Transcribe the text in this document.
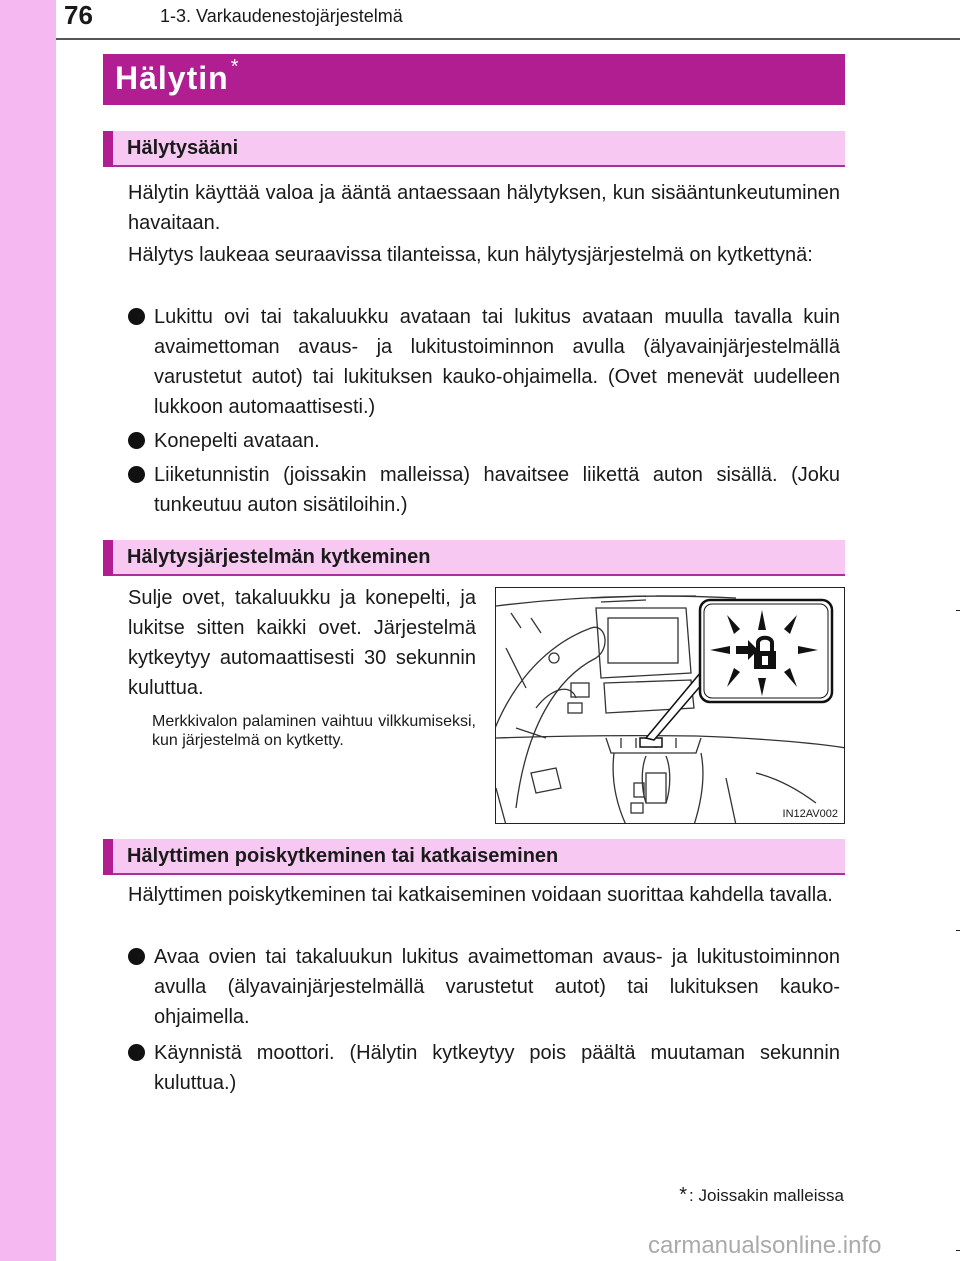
76	1-3. Varkaudenestojärjestelmä
Hälytin *
Hälytysääni
Hälytin käyttää valoa ja ääntä antaessaan hälytyksen, kun sisääntunkeutuminen havaitaan.
Hälytys laukeaa seuraavissa tilanteissa, kun hälytysjärjestelmä on kytkettynä:
Lukittu ovi tai takaluukku avataan tai lukitus avataan muulla tavalla kuin avaimettoman avaus- ja lukitustoiminnon avulla (älyavainjärjestelmällä varustetut autot) tai lukituksen kauko-ohjaimella. (Ovet menevät uudelleen lukkoon automaattisesti.)
Konepelti avataan.
Liiketunnistin (joissakin malleissa) havaitsee liikettä auton sisällä. (Joku tunkeutuu auton sisätiloihin.)
Hälytysjärjestelmän kytkeminen
Sulje ovet, takaluukku ja konepelti, ja lukitse sitten kaikki ovet. Järjestelmä kytkeytyy automaattisesti 30 sekunnin kuluttua.
Merkkivalon palaminen vaihtuu vilkkumiseksi, kun järjestelmä on kytketty.
IN12AV002
Hälyttimen poiskytkeminen tai katkaiseminen
Hälyttimen poiskytkeminen tai katkaiseminen voidaan suorittaa kahdella tavalla.
Avaa ovien tai takaluukun lukitus avaimettoman avaus- ja lukitustoiminnon avulla (älyavainjärjestelmällä varustetut autot) tai lukituksen kauko-ohjaimella.
Käynnistä moottori. (Hälytin kytkeytyy pois päältä muutaman sekunnin kuluttua.)
* : Joissakin malleissa
carmanualsonline.info
